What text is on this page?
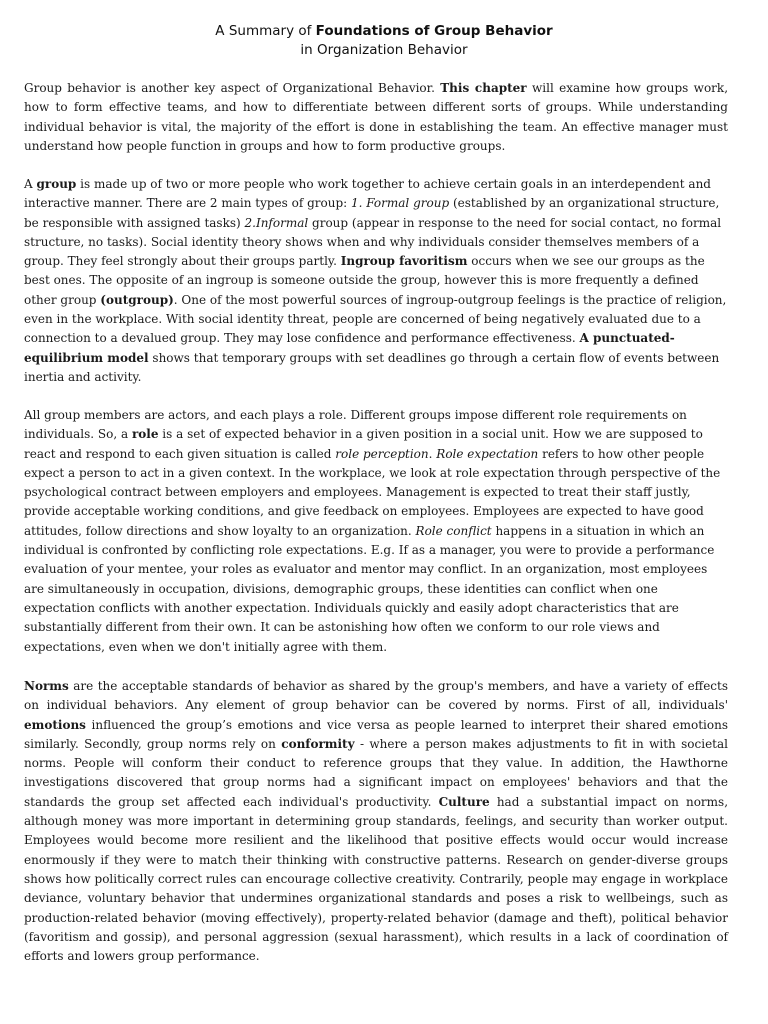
A Summary of Foundations of Group Behavior
in Organization Behavior

Group behavior is another key aspect of Organizational Behavior. This chapter will examine how groups work, how to form effective teams, and how to differentiate between different sorts of groups. While understanding individual behavior is vital, the majority of the effort is done in establishing the team. An effective manager must understand how people function in groups and how to form productive groups.

A group is made up of two or more people who work together to achieve certain goals in an interdependent and interactive manner. There are 2 main types of group: 1. Formal group (established by an organizational structure, be responsible with assigned tasks) 2.Informal group (appear in response to the need for social contact, no formal structure, no tasks). Social identity theory shows when and why individuals consider themselves members of a group. They feel strongly about their groups partly. Ingroup favoritism occurs when we see our groups as the best ones. The opposite of an ingroup is someone outside the group, however this is more frequently a defined other group (outgroup). One of the most powerful sources of ingroup-outgroup feelings is the practice of religion, even in the workplace. With social identity threat, people are concerned of being negatively evaluated due to a connection to a devalued group. They may lose confidence and performance effectiveness. A punctuated-equilibrium model shows that temporary groups with set deadlines go through a certain flow of events between inertia and activity.

All group members are actors, and each plays a role. Different groups impose different role requirements on individuals. So, a role is a set of expected behavior in a given position in a social unit. How we are supposed to react and respond to each given situation is called role perception. Role expectation refers to how other people expect a person to act in a given context. In the workplace, we look at role expectation through perspective of the psychological contract between employers and employees. Management is expected to treat their staff justly, provide acceptable working conditions, and give feedback on employees. Employees are expected to have good attitudes, follow directions and show loyalty to an organization. Role conflict happens in a situation in which an individual is confronted by conflicting role expectations. E.g. If as a manager, you were to provide a performance evaluation of your mentee, your roles as evaluator and mentor may conflict. In an organization, most employees are simultaneously in occupation, divisions, demographic groups, these identities can conflict when one expectation conflicts with another expectation. Individuals quickly and easily adopt characteristics that are substantially different from their own. It can be astonishing how often we conform to our role views and expectations, even when we don't initially agree with them.

Norms are the acceptable standards of behavior as shared by the group's members, and have a variety of effects on individual behaviors. Any element of group behavior can be covered by norms. First of all, individuals' emotions influenced the group’s emotions and vice versa as people learned to interpret their shared emotions similarly. Secondly, group norms rely on conformity - where a person makes adjustments to fit in with societal norms. People will conform their conduct to reference groups that they value. In addition, the Hawthorne investigations discovered that group norms had a significant impact on employees' behaviors and that the standards the group set affected each individual's productivity. Culture had a substantial impact on norms, although money was more important in determining group standards, feelings, and security than worker output. Employees would become more resilient and the likelihood that positive effects would occur would increase enormously if they were to match their thinking with constructive patterns. Research on gender-diverse groups shows how politically correct rules can encourage collective creativity. Contrarily, people may engage in workplace deviance, voluntary behavior that undermines organizational standards and poses a risk to wellbeings, such as production-related behavior (moving effectively), property-related behavior (damage and theft), political behavior (favoritism and gossip), and personal aggression (sexual harassment), which results in a lack of coordination of efforts and lowers group performance.
